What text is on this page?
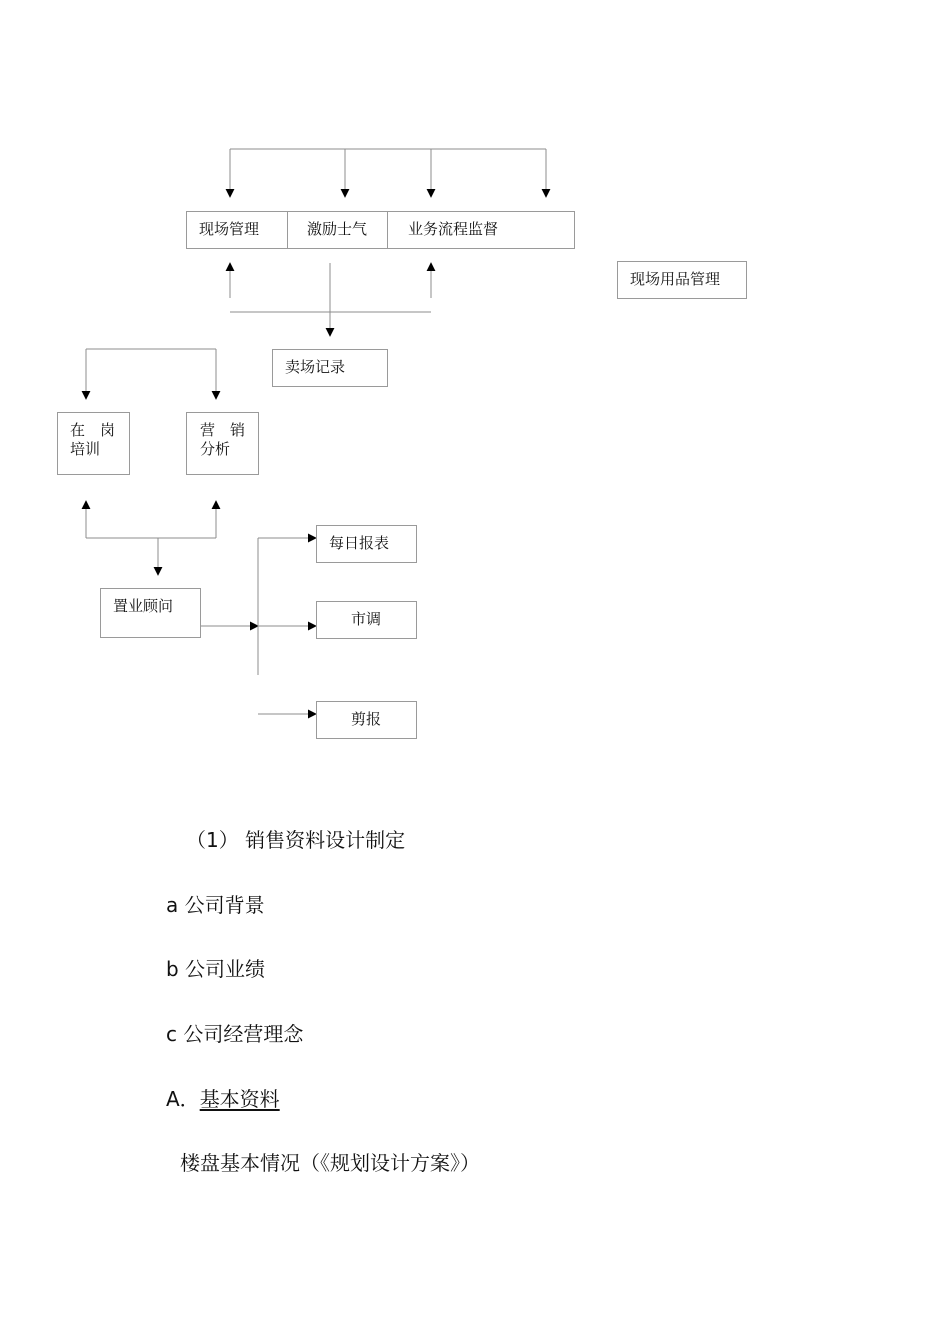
现场管理	激励士气	业务流程监督
现场用品管理
卖场记录
在　岗
培训
营　销
分析
置业顾问
每日报表
市调
剪报
（1） 销售资料设计制定
a 公司背景
b 公司业绩
c 公司经营理念
A．基本资料
楼盘基本情况（《规划设计方案》）
